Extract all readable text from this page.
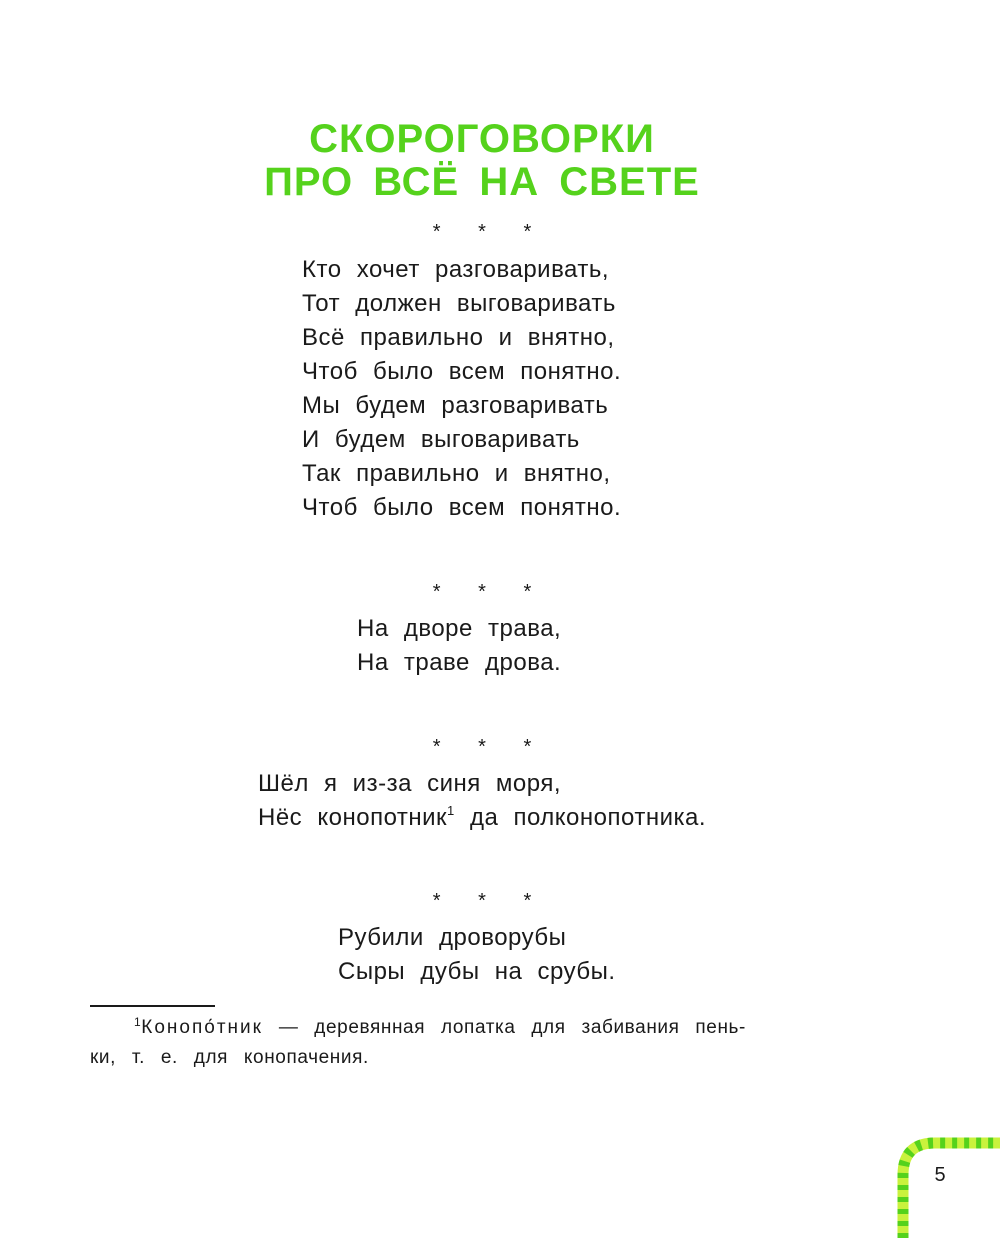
СКОРОГОВОРКИ
ПРО ВСЁ НА СВЕТЕ
* * *
Кто хочет разговаривать,
Тот должен выговаривать
Всё правильно и внятно,
Чтоб было всем понятно.
Мы будем разговаривать
И будем выговаривать
Так правильно и внятно,
Чтоб было всем понятно.
* * *
На дворе трава,
На траве дрова.
* * *
Шёл я из-за синя моря,
Нёс конопотник$^1$ да полконопотника.
* * *
Рубили дроворубы
Сыры дубы на срубы.
$^1$Конопо́тник — деревянная лопатка для забивания пень-
ки, т. е. для конопачения.
5
